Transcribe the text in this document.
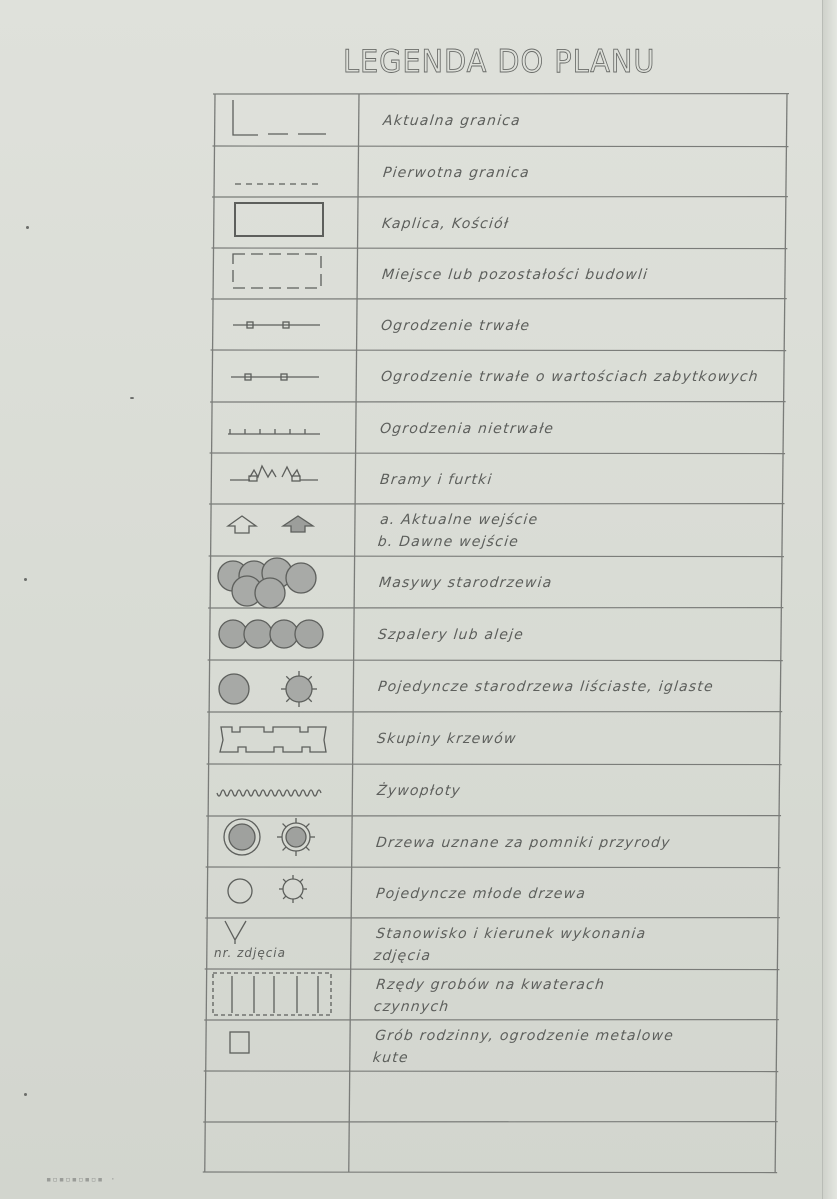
LEGENDA DO PLANU
Aktualna granica
Pierwotna granica
Kaplica, Kościół
Miejsce lub pozostałości budowli
Ogrodzenie trwałe
Ogrodzenie trwałe o wartościach zabytkowych
Ogrodzenia nietrwałe
Bramy i furtki
a. Aktualne wejście
b. Dawne wejście
Masywy starodrzewia
Szpalery lub aleje
Pojedyncze starodrzewa liściaste, iglaste
Skupiny krzewów
Żywopłoty
Drzewa uznane za pomniki przyrody
Pojedyncze młode drzewa
Stanowisko i kierunek wykonania
zdjęcia
nr. zdjęcia
Rzędy grobów na kwaterach
czynnych
Grób rodzinny, ogrodzenie metalowe
kute
▪▫▪▫▪▫▪▫▪ ·
